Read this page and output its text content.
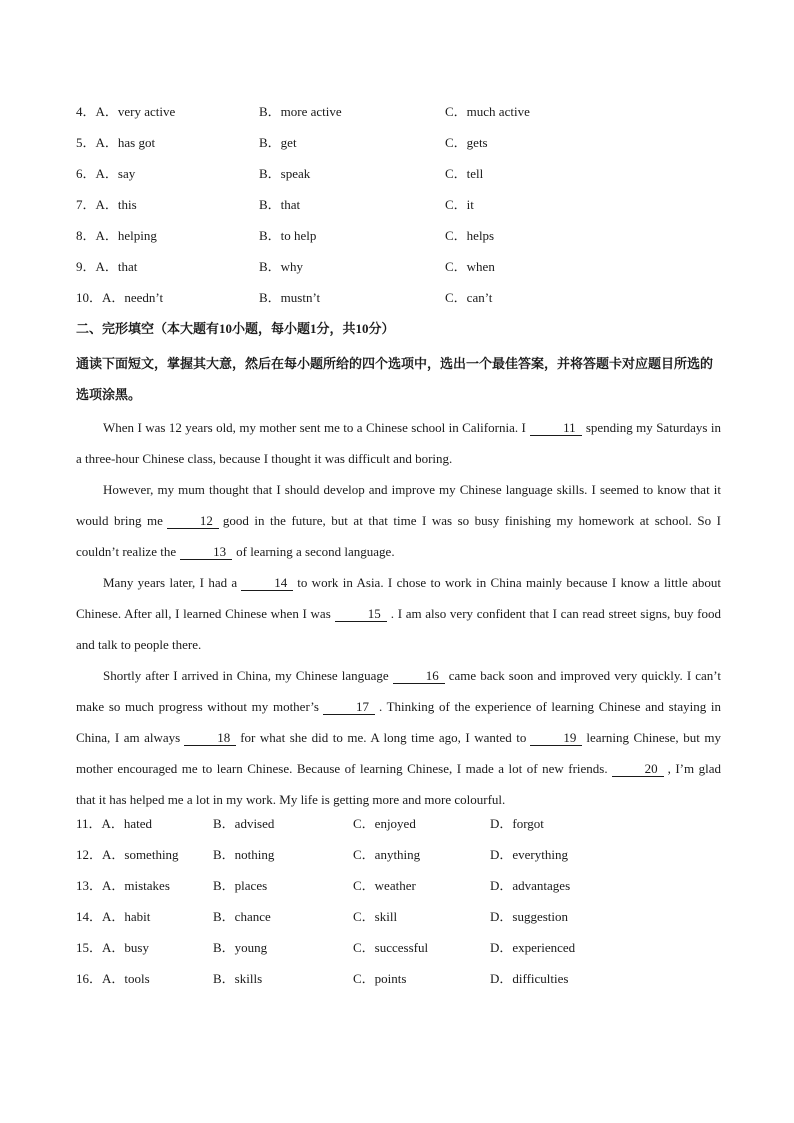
4．A．very active	B．more active	C．much active
5．A．has got	B．get	C．gets
6．A．say	B．speak	C．tell
7．A．this	B．that	C．it
8．A．helping	B．to help	C．helps
9．A．that	B．why	C．when
10．A．needn’t	B．mustn’t	C．can’t
二、完形填空（本大题有10小题，每小题1分，共10分）
通读下面短文，掌握其大意，然后在每小题所给的四个选项中，选出一个最佳答案，并将答题卡对应题目所选的选项涂黑。

When I was 12 years old, my mother sent me to a Chinese school in California. I	11 spending my Saturdays in a three-hour Chinese class, because I thought it was difficult and boring.

However, my mum thought that I should develop and improve my Chinese language skills. I seemed to know that it would bring me	12 good in the future, but at that time I was so busy finishing my homework at school. So I couldn’t realize the	13 of learning a second language.

Many years later, I had a	14 to work in Asia. I chose to work in China mainly because I know a little about Chinese. After all, I learned Chinese when I was	15 . I am also very confident that I can read street signs, buy food and talk to people there.

Shortly after I arrived in China, my Chinese language	16 came back soon and improved very quickly. I can’t make so much progress without my mother’s	17 . Thinking of the experience of learning Chinese and staying in China, I am always	18 for what she did to me. A long time ago, I wanted to	19 learning Chinese, but my mother encouraged me to learn Chinese. Because of learning Chinese, I made a lot of new friends.	20 , I’m glad that it has helped me a lot in my work. My life is getting more and more colourful.

11．A．hated	B．advised	C．enjoyed	D．forgot
12．A．something	B．nothing	C．anything	D．everything
13．A．mistakes	B．places	C．weather	D．advantages
14．A．habit	B．chance	C．skill	D．suggestion
15．A．busy	B．young	C．successful	D．experienced
16．A．tools	B．skills	C．points	D．difficulties
